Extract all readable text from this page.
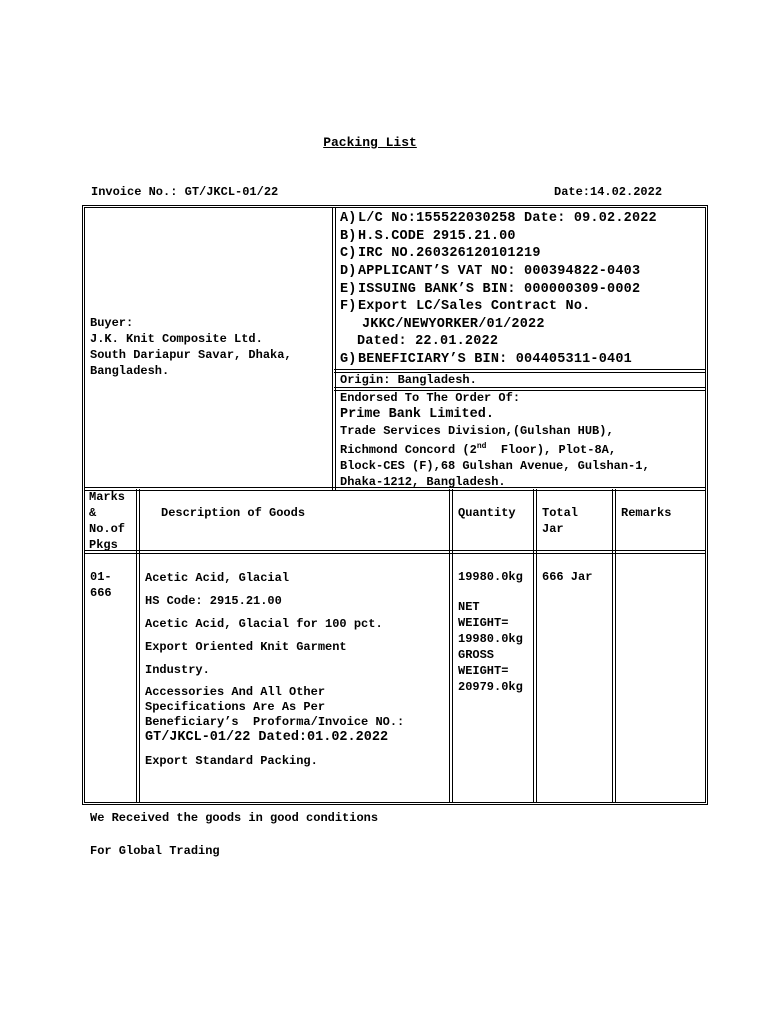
Packing List
Invoice No.: GT/JKCL-01/22	Date:14.02.2022
Buyer:
J.K. Knit Composite Ltd.
South Dariapur Savar, Dhaka,
Bangladesh.
A)L/C No:155522030258 Date: 09.02.2022
B)H.S.CODE 2915.21.00
C)IRC NO.260326120101219
D)APPLICANT’S VAT NO: 000394822-0403
E)ISSUING BANK’S BIN: 000000309-0002
F)Export LC/Sales Contract No.
JKKC/NEWYORKER/01/2022
Dated: 22.01.2022
G)BENEFICIARY’S BIN: 004405311-0401
Origin: Bangladesh.
Endorsed To The Order Of:
Prime Bank Limited.
Trade Services Division,(Gulshan HUB),
Richmond Concord (2nd  Floor), Plot-8A,
Block-CES (F),68 Gulshan Avenue, Gulshan-1,
Dhaka-1212, Bangladesh.
Marks
&
No.of
Pkgs
Description of Goods	Quantity Total
Jar
Remarks
01-
666
Acetic Acid, Glacial
HS Code: 2915.21.00
Acetic Acid, Glacial for 100 pct.
Export Oriented Knit Garment
Industry.
Accessories And All Other
Specifications Are As Per
Beneficiary’s  Proforma/Invoice NO.:
GT/JKCL-01/22 Dated:01.02.2022
Export Standard Packing.
19980.0kg
NET
WEIGHT=
19980.0kg
GROSS
WEIGHT=
20979.0kg
666 Jar
We Received the goods in good conditions
For Global Trading
